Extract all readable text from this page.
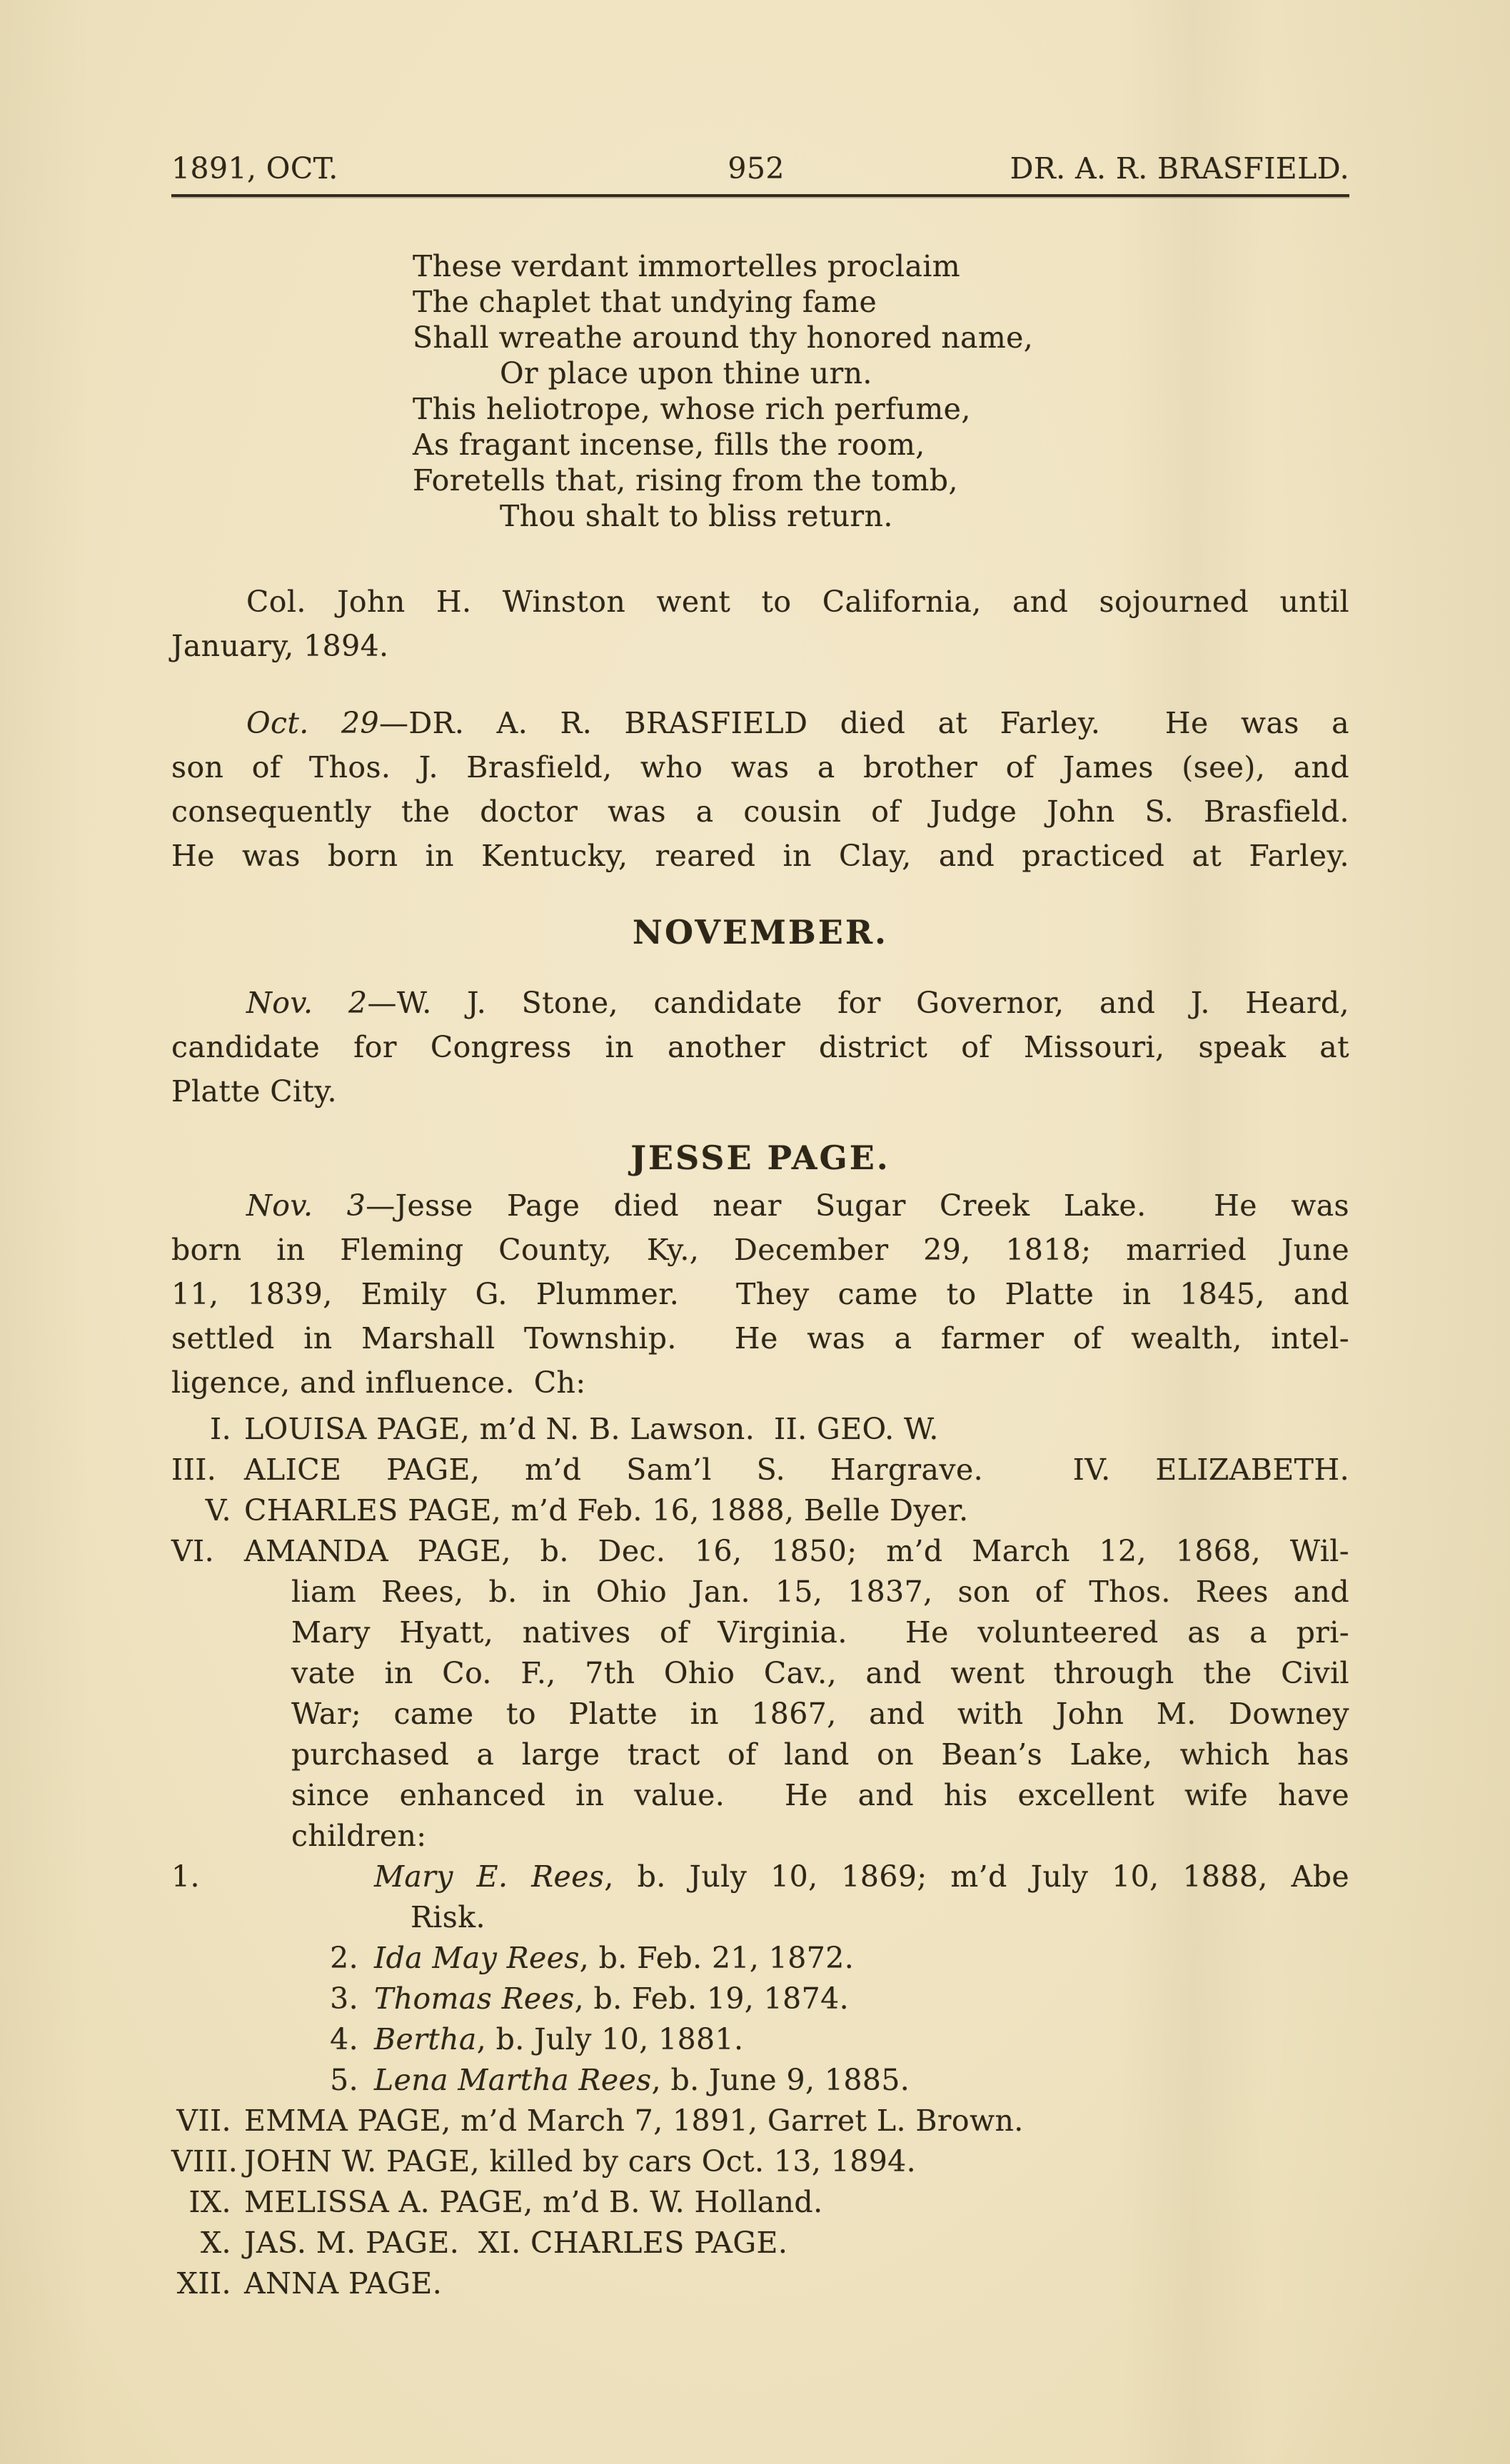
1891, OCT.	952	DR. A. R. BRASFIELD.
These verdant immortelles proclaim
The chaplet that undying fame
Shall wreathe around thy honored name,
Or place upon thine urn.
This heliotrope, whose rich perfume,
As fragant incense, fills the room,
Foretells that, rising from the tomb,
Thou shalt to bliss return.
Col. John H. Winston went to California, and sojourned until
January, 1894.
Oct. 29—DR. A. R. BRASFIELD died at Farley.  He was a
son of Thos. J. Brasfield, who was a brother of James (see), and
consequently the doctor was a cousin of Judge John S. Brasfield.
He was born in Kentucky, reared in Clay, and practiced at Farley.
NOVEMBER.
Nov. 2—W. J. Stone, candidate for Governor, and J. Heard,
candidate for Congress in another district of Missouri, speak at
Platte City.
JESSE PAGE.
Nov. 3—Jesse Page died near Sugar Creek Lake.  He was
born in Fleming County, Ky., December 29, 1818; married June
11, 1839, Emily G. Plummer.  They came to Platte in 1845, and
settled in Marshall Township.  He was a farmer of wealth, intel-
ligence, and influence.  Ch:
I. LOUISA PAGE, m’d N. B. Lawson.  II. GEO. W.
III. ALICE PAGE, m’d Sam’l S. Hargrave.  IV. ELIZABETH.
V. CHARLES PAGE, m’d Feb. 16, 1888, Belle Dyer.
VI. AMANDA PAGE, b. Dec. 16, 1850; m’d March 12, 1868, Wil-
liam Rees, b. in Ohio Jan. 15, 1837, son of Thos. Rees and
Mary Hyatt, natives of Virginia.  He volunteered as a pri-
vate in Co. F., 7th Ohio Cav., and went through the Civil
War; came to Platte in 1867, and with John M. Downey
purchased a large tract of land on Bean’s Lake, which has
since enhanced in value.  He and his excellent wife have
children:
1.	Mary E. Rees, b. July 10, 1869; m’d July 10, 1888, Abe
Risk.
2. Ida May Rees, b. Feb. 21, 1872.
3. Thomas Rees, b. Feb. 19, 1874.
4. Bertha, b. July 10, 1881.
5. Lena Martha Rees, b. June 9, 1885.
VII. EMMA PAGE, m’d March 7, 1891, Garret L. Brown.
VIII. JOHN W. PAGE, killed by cars Oct. 13, 1894.
IX. MELISSA A. PAGE, m’d B. W. Holland.
X. JAS. M. PAGE.  XI. CHARLES PAGE.
XII. ANNA PAGE.
